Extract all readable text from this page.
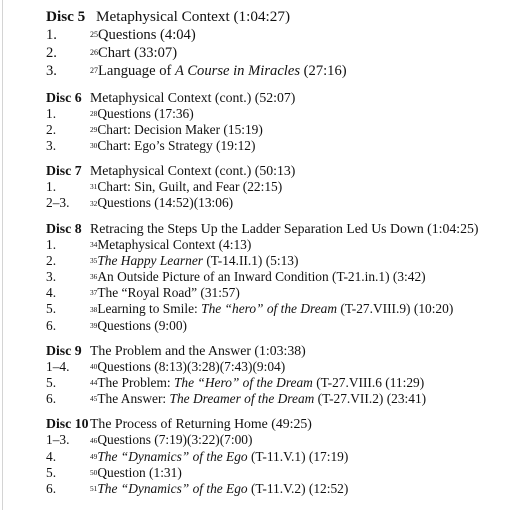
Disc 5 Metaphysical Context (1:04:27)
1.	$^{25}$Questions (4:04)
2.	$^{26}$Chart (33:07)
3.	$^{27}$Language of A Course in Miracles (27:16)
Disc 6 Metaphysical Context (cont.) (52:07)
1.	$^{28}$Questions (17:36)
2.	$^{29}$Chart: Decision Maker (15:19)
3.	$^{30}$Chart: Ego’s Strategy (19:12)
Disc 7 Metaphysical Context (cont.) (50:13)
1.	$^{31}$Chart: Sin, Guilt, and Fear (22:15)
2–3.	$^{32}$Questions (14:52)(13:06)
Disc 8 Retracing the Steps Up the Ladder Separation Led Us Down (1:04:25)
1.	$^{34}$Metaphysical Context (4:13)
2.	$^{35}$The Happy Learner (T-14.II.1) (5:13)
3.	$^{36}$An Outside Picture of an Inward Condition (T-21.in.1) (3:42)
4.	$^{37}$The “Royal Road” (31:57)
5.	$^{38}$Learning to Smile: The “hero” of the Dream (T-27.VIII.9) (10:20)
6.	$^{39}$Questions (9:00)
Disc 9 The Problem and the Answer (1:03:38)
1–4.	$^{40}$Questions (8:13)(3:28)(7:43)(9:04)
5.	$^{44}$The Problem: The “Hero” of the Dream (T-27.VIII.6 (11:29)
6.	$^{45}$The Answer: The Dreamer of the Dream (T-27.VII.2) (23:41)
Disc 10 The Process of Returning Home (49:25)
1–3.	$^{46}$Questions (7:19)(3:22)(7:00)
4.	$^{49}$The “Dynamics” of the Ego (T-11.V.1) (17:19)
5.	$^{50}$Question (1:31)
6.	$^{51}$The “Dynamics” of the Ego (T-11.V.2) (12:52)
